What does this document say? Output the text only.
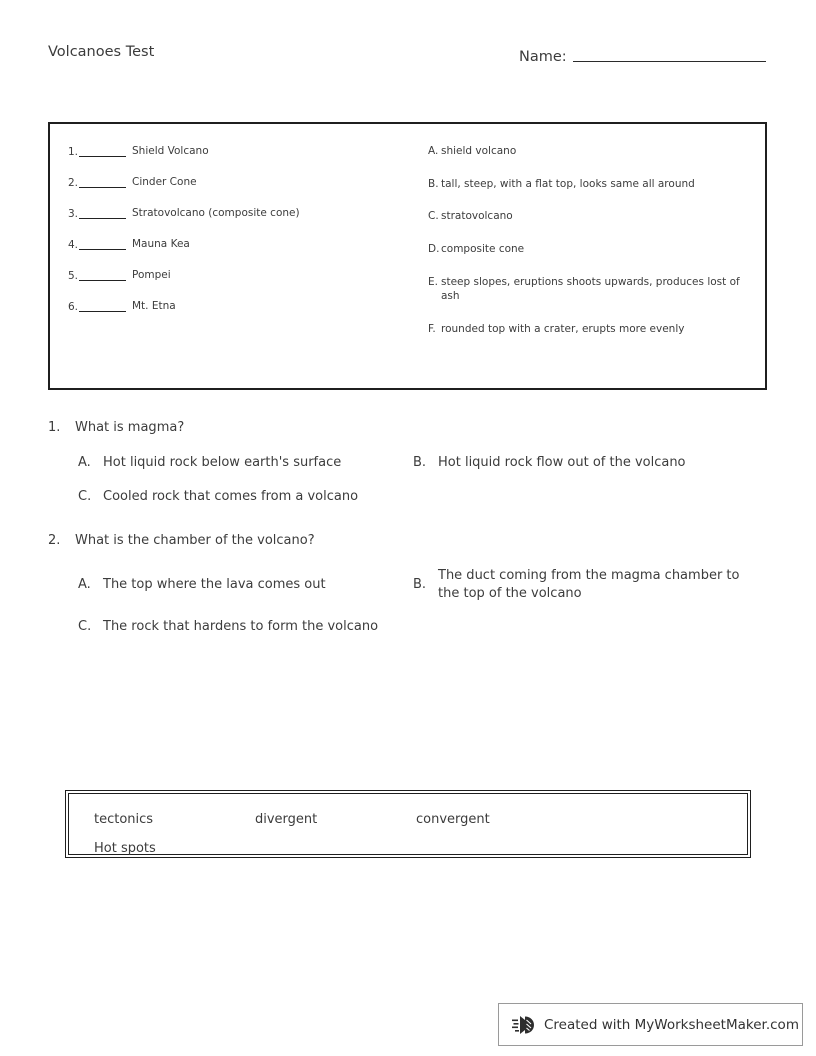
Volcanoes Test	Name:
1.	Shield Volcano
2.	Cinder Cone
3.	Stratovolcano (composite cone)
4.	Mauna Kea
5.	Pompei
6.	Mt. Etna
A. shield volcano
B. tall, steep, with a flat top, looks same all around
C. stratovolcano
D. composite cone
E. steep slopes, eruptions shoots upwards, produces lost of ash
F. rounded top with a crater, erupts more evenly
1.	What is magma?
A. Hot liquid rock below earth's surface	B. Hot liquid rock flow out of the volcano
C. Cooled rock that comes from a volcano
2.	What is the chamber of the volcano?
A. The top where the lava comes out	B.
The duct coming from the magma chamber to the top of the volcano
C. The rock that hardens to form the volcano
tectonics	divergent	convergent
Hot spots
Created with MyWorksheetMaker.com
